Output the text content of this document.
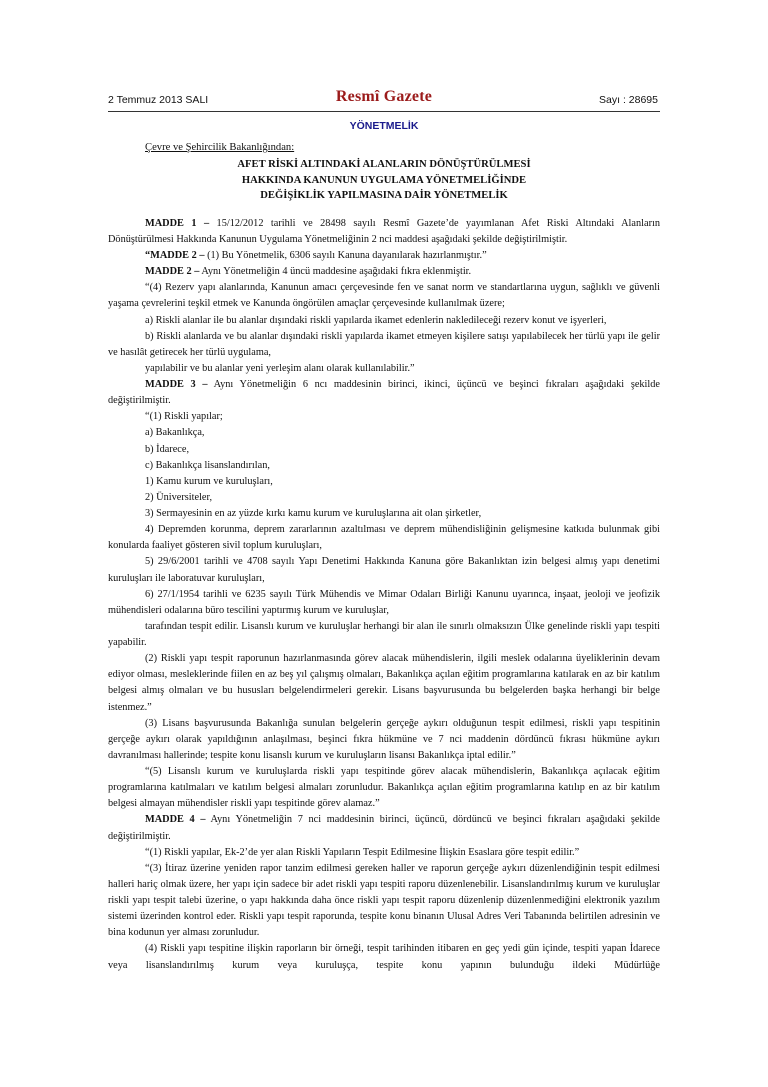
2 Temmuz 2013 SALI	Resmî Gazete	Sayı : 28695
YÖNETMELİK
Çevre ve Şehircilik Bakanlığından:
AFET RİSKİ ALTINDAKİ ALANLARIN DÖNÜŞTÜRÜLMESİ
HAKKINDA KANUNUN UYGULAMA YÖNETMELİĞİNDE
DEĞİŞİKLİK YAPILMASINA DAİR YÖNETMELİK

MADDE 1 – 15/12/2012 tarihli ve 28498 sayılı Resmî Gazete’de yayımlanan Afet Riski Altındaki Alanların Dönüştürülmesi Hakkında Kanunun Uygulama Yönetmeliğinin 2 nci maddesi aşağıdaki şekilde değiştirilmiştir.

“MADDE 2 – (1) Bu Yönetmelik, 6306 sayılı Kanuna dayanılarak hazırlanmıştır.”

MADDE 2 – Aynı Yönetmeliğin 4 üncü maddesine aşağıdaki fıkra eklenmiştir.

“(4) Rezerv yapı alanlarında, Kanunun amacı çerçevesinde fen ve sanat norm ve standartlarına uygun, sağlıklı ve güvenli yaşama çevrelerini teşkil etmek ve Kanunda öngörülen amaçlar çerçevesinde kullanılmak üzere;

a) Riskli alanlar ile bu alanlar dışındaki riskli yapılarda ikamet edenlerin nakledileceği rezerv konut ve işyerleri,

b) Riskli alanlarda ve bu alanlar dışındaki riskli yapılarda ikamet etmeyen kişilere satışı yapılabilecek her türlü yapı ile gelir ve hasılât getirecek her türlü uygulama,

yapılabilir ve bu alanlar yeni yerleşim alanı olarak kullanılabilir.”

MADDE 3 – Aynı Yönetmeliğin 6 ncı maddesinin birinci, ikinci, üçüncü ve beşinci fıkraları aşağıdaki şekilde değiştirilmiştir.

“(1) Riskli yapılar;

a) Bakanlıkça,

b) İdarece,

c) Bakanlıkça lisanslandırılan,

1) Kamu kurum ve kuruluşları,

2) Üniversiteler,

3) Sermayesinin en az yüzde kırkı kamu kurum ve kuruluşlarına ait olan şirketler,

4) Depremden korunma, deprem zararlarının azaltılması ve deprem mühendisliğinin gelişmesine katkıda bulunmak gibi konularda faaliyet gösteren sivil toplum kuruluşları,

5) 29/6/2001 tarihli ve 4708 sayılı Yapı Denetimi Hakkında Kanuna göre Bakanlıktan izin belgesi almış yapı denetimi kuruluşları ile laboratuvar kuruluşları,

6) 27/1/1954 tarihli ve 6235 sayılı Türk Mühendis ve Mimar Odaları Birliği Kanunu uyarınca, inşaat, jeoloji ve jeofizik mühendisleri odalarına büro tescilini yaptırmış kurum ve kuruluşlar,

tarafından tespit edilir. Lisanslı kurum ve kuruluşlar herhangi bir alan ile sınırlı olmaksızın Ülke genelinde riskli yapı tespiti yapabilir.

(2) Riskli yapı tespit raporunun hazırlanmasında görev alacak mühendislerin, ilgili meslek odalarına üyeliklerinin devam ediyor olması, mesleklerinde fiilen en az beş yıl çalışmış olmaları, Bakanlıkça açılan eğitim programlarına katılarak en az bir katılım belgesi almış olmaları ve bu hususları belgelendirmeleri gerekir. Lisans başvurusunda bu belgelerden başka herhangi bir belge istenmez.”

(3) Lisans başvurusunda Bakanlığa sunulan belgelerin gerçeğe aykırı olduğunun tespit edilmesi, riskli yapı tespitinin gerçeğe aykırı olarak yapıldığının anlaşılması, beşinci fıkra hükmüne ve 7 nci maddenin dördüncü fıkrası hükmüne aykırı davranılması hallerinde; tespite konu lisanslı kurum ve kuruluşların lisansı Bakanlıkça iptal edilir.”

“(5) Lisanslı kurum ve kuruluşlarda riskli yapı tespitinde görev alacak mühendislerin, Bakanlıkça açılacak eğitim programlarına katılmaları ve katılım belgesi almaları zorunludur. Bakanlıkça açılan eğitim programlarına katılıp en az bir katılım belgesi almayan mühendisler riskli yapı tespitinde görev alamaz.”

MADDE 4 – Aynı Yönetmeliğin 7 nci maddesinin birinci, üçüncü, dördüncü ve beşinci fıkraları aşağıdaki şekilde değiştirilmiştir.

“(1) Riskli yapılar, Ek-2’de yer alan Riskli Yapıların Tespit Edilmesine İlişkin Esaslara göre tespit edilir.”

“(3) İtiraz üzerine yeniden rapor tanzim edilmesi gereken haller ve raporun gerçeğe aykırı düzenlendiğinin tespit edilmesi halleri hariç olmak üzere, her yapı için sadece bir adet riskli yapı tespiti raporu düzenlenebilir. Lisanslandırılmış kurum ve kuruluşlar riskli yapı tespit talebi üzerine, o yapı hakkında daha önce riskli yapı tespit raporu düzenlenip düzenlenmediğini elektronik yazılım sistemi üzerinden kontrol eder. Riskli yapı tespit raporunda, tespite konu binanın Ulusal Adres Veri Tabanında belirtilen adresinin ve bina kodunun yer alması zorunludur.

(4) Riskli yapı tespitine ilişkin raporların bir örneği, tespit tarihinden itibaren en geç yedi gün içinde, tespiti yapan İdarece veya lisanslandırılmış kurum veya kuruluşça, tespite konu yapının bulunduğu ildeki Müdürlüğe
